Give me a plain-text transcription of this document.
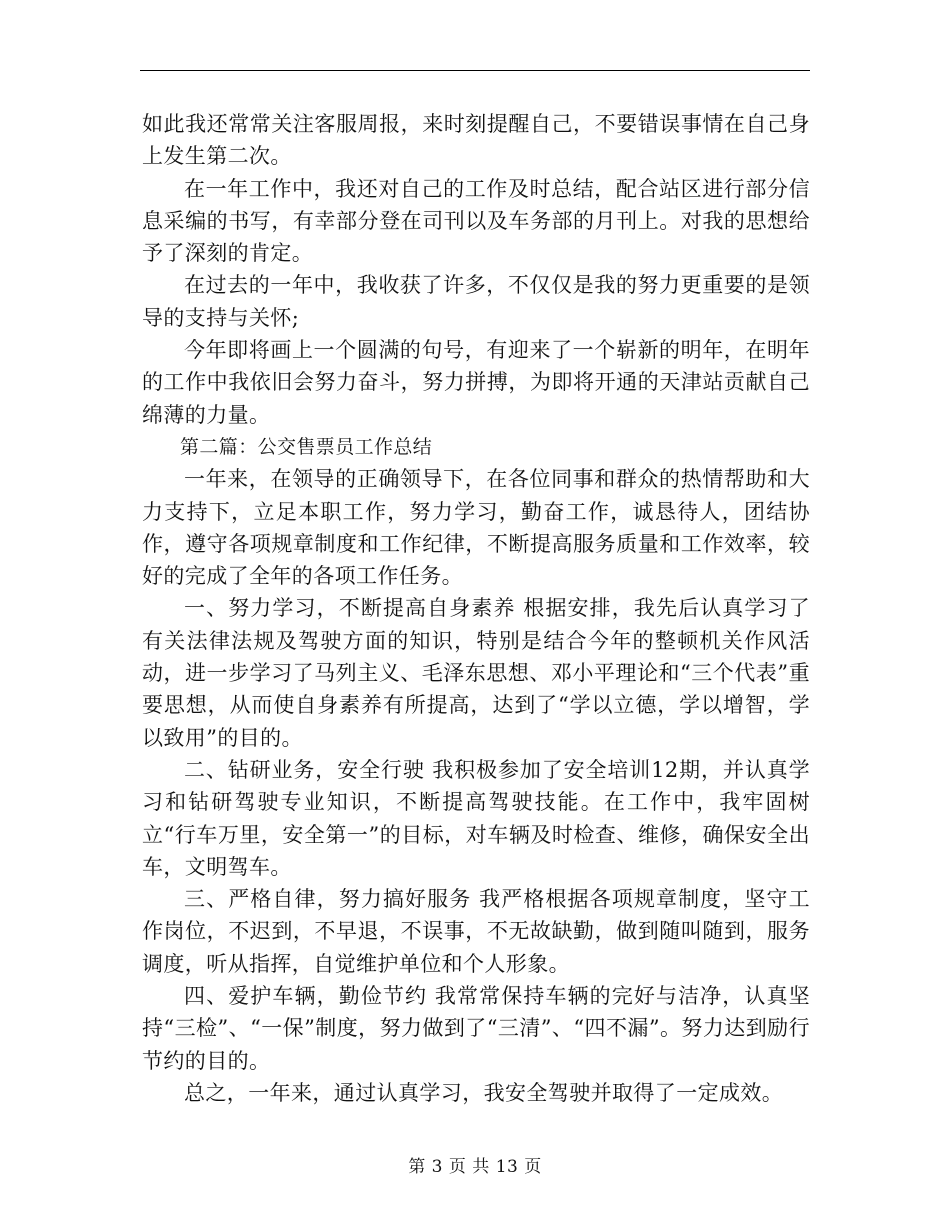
如此我还常常关注客服周报，来时刻提醒自己，不要错误事情在自己身上发生第二次。

在一年工作中，我还对自己的工作及时总结，配合站区进行部分信息采编的书写，有幸部分登在司刊以及车务部的月刊上。对我的思想给予了深刻的肯定。

在过去的一年中，我收获了许多，不仅仅是我的努力更重要的是领导的支持与关怀;

今年即将画上一个圆满的句号，有迎来了一个崭新的明年，在明年的工作中我依旧会努力奋斗，努力拼搏，为即将开通的天津站贡献自己绵薄的力量。

第二篇：公交售票员工作总结

一年来，在领导的正确领导下，在各位同事和群众的热情帮助和大力支持下，立足本职工作，努力学习，勤奋工作，诚恳待人，团结协作，遵守各项规章制度和工作纪律，不断提高服务质量和工作效率，较好的完成了全年的各项工作任务。

一、努力学习，不断提高自身素养 根据安排，我先后认真学习了有关法律法规及驾驶方面的知识，特别是结合今年的整顿机关作风活动，进一步学习了马列主义、毛泽东思想、邓小平理论和“三个代表”重要思想，从而使自身素养有所提高，达到了“学以立德，学以增智，学以致用”的目的。

二、钻研业务，安全行驶 我积极参加了安全培训12期，并认真学习和钻研驾驶专业知识，不断提高驾驶技能。在工作中，我牢固树立“行车万里，安全第一”的目标，对车辆及时检查、维修，确保安全出车，文明驾车。

三、严格自律，努力搞好服务 我严格根据各项规章制度，坚守工作岗位，不迟到，不早退，不误事，不无故缺勤，做到随叫随到，服务调度，听从指挥，自觉维护单位和个人形象。

四、爱护车辆，勤俭节约 我常常保持车辆的完好与洁净，认真坚持“三检”、“一保”制度，努力做到了“三清”、“四不漏”。努力达到励行节约的目的。

总之，一年来，通过认真学习，我安全驾驶并取得了一定成效。

第 3 页 共 13 页
